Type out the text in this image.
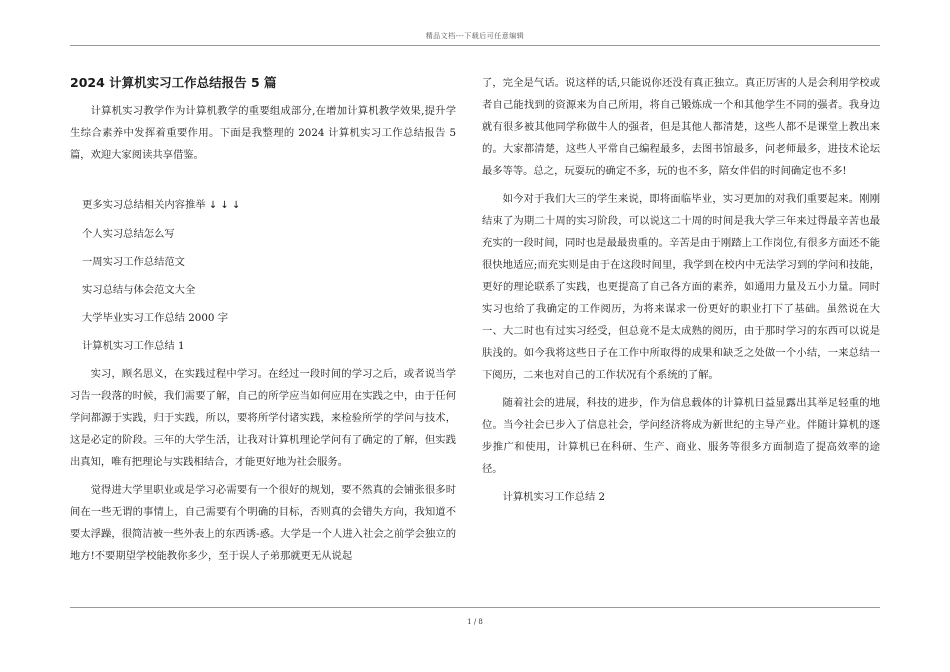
精品文档---下载后可任意编辑
2024 计算机实习工作总结报告 5 篇

计算机实习教学作为计算机教学的重要组成部分,在增加计算机教学效果,提升学生综合素养中发挥着重要作用。下面是我整理的 2024 计算机实习工作总结报告 5 篇，欢迎大家阅读共享借鉴。

更多实习总结相关内容推举 ↓ ↓ ↓
个人实习总结怎么写
一周实习工作总结范文
实习总结与体会范文大全
大学毕业实习工作总结 2000 字
计算机实习工作总结 1

实习，顾名思义，在实践过程中学习。在经过一段时间的学习之后，或者说当学习告一段落的时候，我们需要了解，自己的所学应当如何应用在实践之中，由于任何学问都源于实践，归于实践，所以，要将所学付诸实践，来检验所学的学问与技术，这是必定的阶段。三年的大学生活，让我对计算机理论学问有了确定的了解，但实践出真知，唯有把理论与实践相结合，才能更好地为社会服务。

觉得进大学里职业或是学习必需要有一个很好的规划，要不然真的会铺张很多时间在一些无谓的事情上，自己需要有个明确的目标，否则真的会错失方向，我知道不要太浮躁，很简洁被一些外表上的东西诱-惑。大学是一个人进入社会之前学会独立的地方!不要期望学校能教你多少，至于误人子弟那就更无从说起

了，完全是气话。说这样的话,只能说你还没有真正独立。真正厉害的人是会利用学校或者自己能找到的资源来为自己所用，将自己锻炼成一个和其他学生不同的强者。我身边就有很多被其他同学称做牛人的强者，但是其他人都清楚，这些人都不是课堂上教出来的。大家都清楚，这些人平常自己编程最多，去图书馆最多，问老师最多，进技术论坛最多等等。总之，玩耍玩的确定不多，玩的也不多，陪女伴侣的时间确定也不多!

如今对于我们大三的学生来说，即将面临毕业，实习更加的对我们重要起来。刚刚结束了为期二十周的实习阶段，可以说这二十周的时间是我大学三年来过得最辛苦也最充实的一段时间，同时也是最最贵重的。辛苦是由于刚踏上工作岗位,有很多方面还不能很快地适应;而充实则是由于在这段时间里，我学到在校内中无法学习到的学问和技能，更好的理论联系了实践，也更提高了自己各方面的素养，如通用力量及五小力量。同时实习也给了我确定的工作阅历，为将来谋求一份更好的职业打下了基础。虽然说在大一、大二时也有过实习经受，但总竟不是太成熟的阅历，由于那时学习的东西可以说是肤浅的。如今我将这些日子在工作中所取得的成果和缺乏之处做一个小结，一来总结一下阅历，二来也对自己的工作状况有个系统的了解。

随着社会的进展，科技的进步，作为信息载体的计算机日益显露出其举足轻重的地位。当今社会已步入了信息社会，学问经济将成为新世纪的主导产业。伴随计算机的逐步推广和使用，计算机已在科研、生产、商业、服务等很多方面制造了提高效率的途径。

计算机实习工作总结 2

1 / 8
